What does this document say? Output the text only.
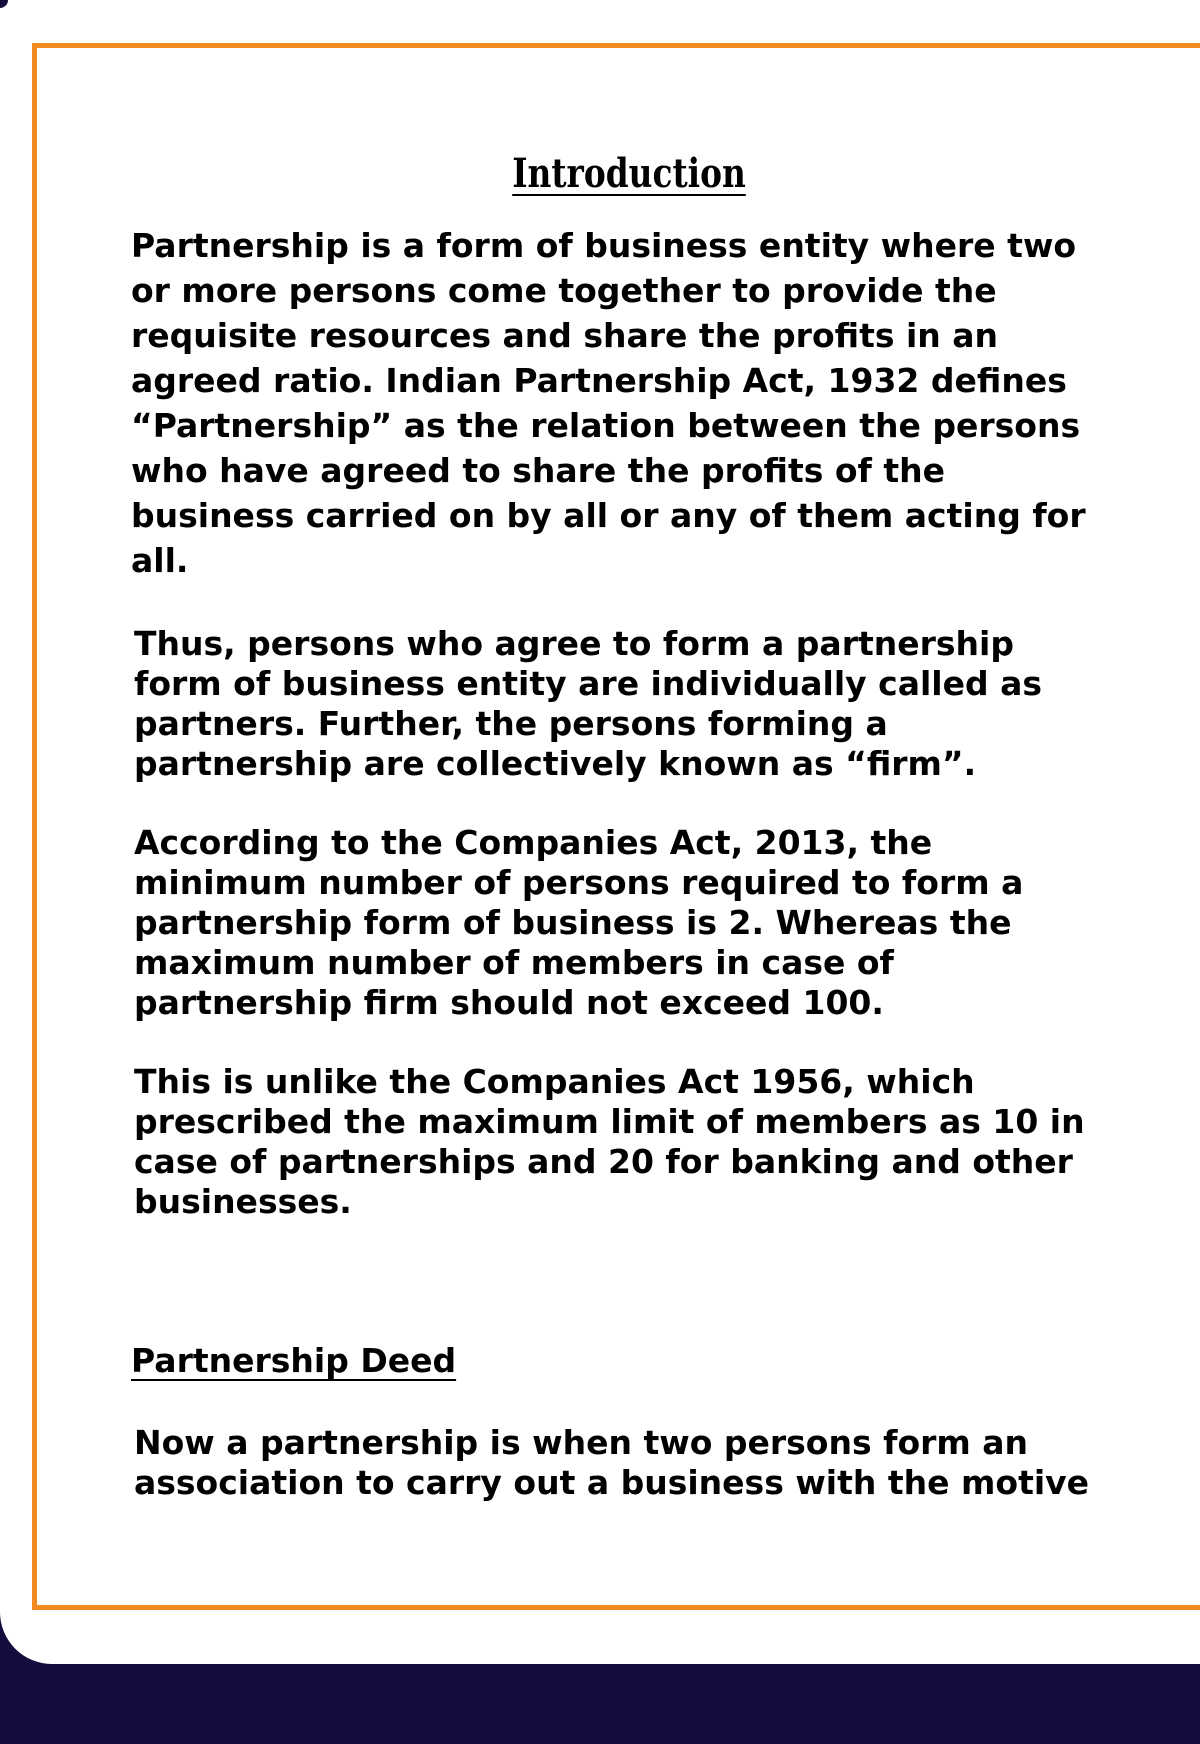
Introduction

Partnership is a form of business entity where two
or more persons come together to provide the
requisite resources and share the profits in an
agreed ratio. Indian Partnership Act, 1932 defines
“Partnership” as the relation between the persons
who have agreed to share the profits of the
business carried on by all or any of them acting for
all.

Thus, persons who agree to form a partnership
form of business entity are individually called as
partners. Further, the persons forming a
partnership are collectively known as “firm”.

According to the Companies Act, 2013, the
minimum number of persons required to form a
partnership form of business is 2. Whereas the
maximum number of members in case of
partnership firm should not exceed 100.

This is unlike the Companies Act 1956, which
prescribed the maximum limit of members as 10 in
case of partnerships and 20 for banking and other
businesses.

Partnership Deed

Now a partnership is when two persons form an
association to carry out a business with the motive
